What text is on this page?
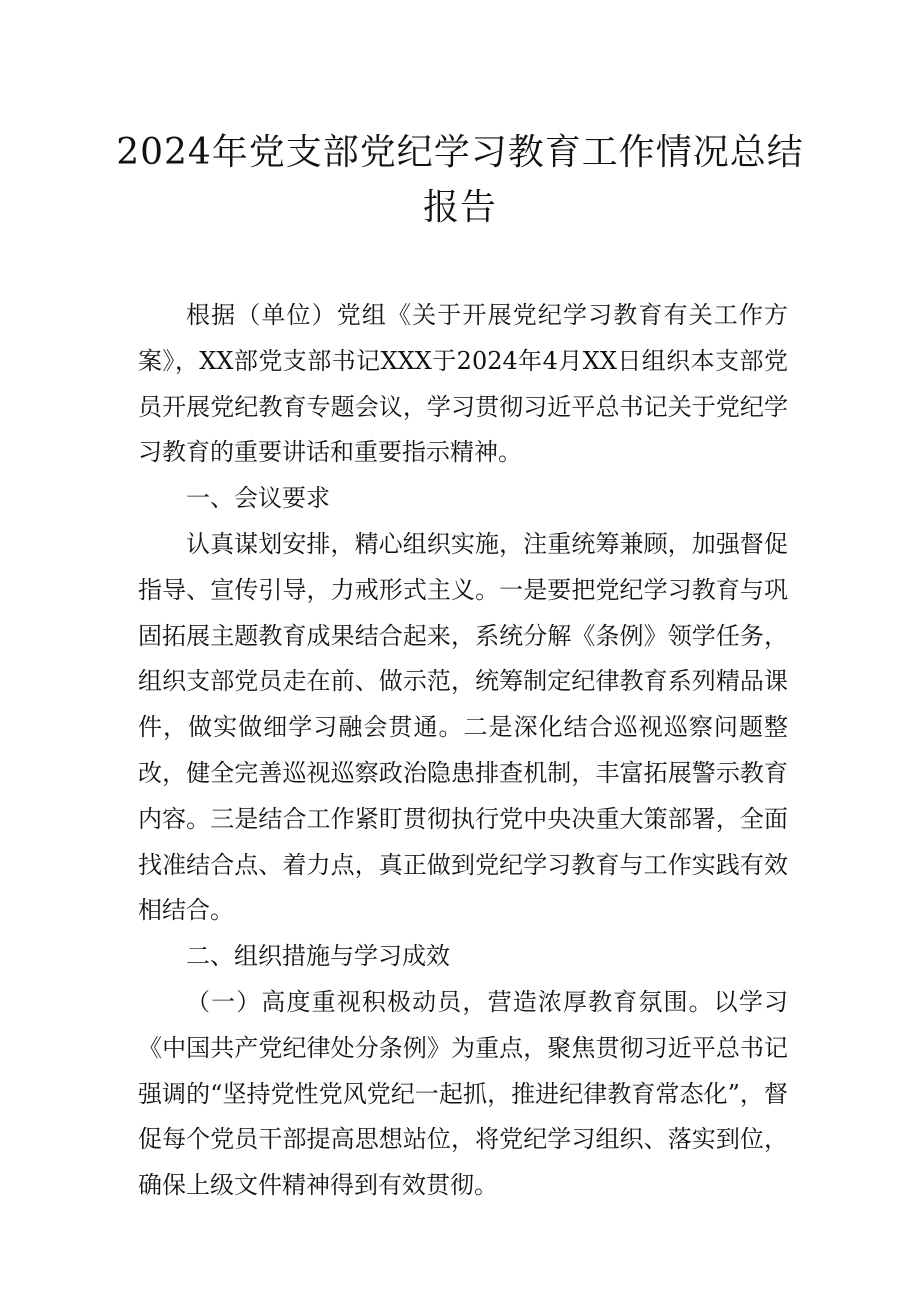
2024年党支部党纪学习教育工作情况总结
报告

根据（单位）党组《关于开展党纪学习教育有关工作方案》，XX部党支部书记XXX于2024年4月XX日组织本支部党员开展党纪教育专题会议，学习贯彻习近平总书记关于党纪学习教育的重要讲话和重要指示精神。

一、会议要求

认真谋划安排，精心组织实施，注重统筹兼顾，加强督促指导、宣传引导，力戒形式主义。一是要把党纪学习教育与巩固拓展主题教育成果结合起来，系统分解《条例》领学任务，组织支部党员走在前、做示范，统筹制定纪律教育系列精品课件，做实做细学习融会贯通。二是深化结合巡视巡察问题整改，健全完善巡视巡察政治隐患排查机制，丰富拓展警示教育内容。三是结合工作紧盯贯彻执行党中央决重大策部署，全面找准结合点、着力点，真正做到党纪学习教育与工作实践有效相结合。

二、组织措施与学习成效

（一）高度重视积极动员，营造浓厚教育氛围。以学习《中国共产党纪律处分条例》为重点，聚焦贯彻习近平总书记强调的“坚持党性党风党纪一起抓，推进纪律教育常态化”，督促每个党员干部提高思想站位，将党纪学习组织、落实到位，确保上级文件精神得到有效贯彻。
